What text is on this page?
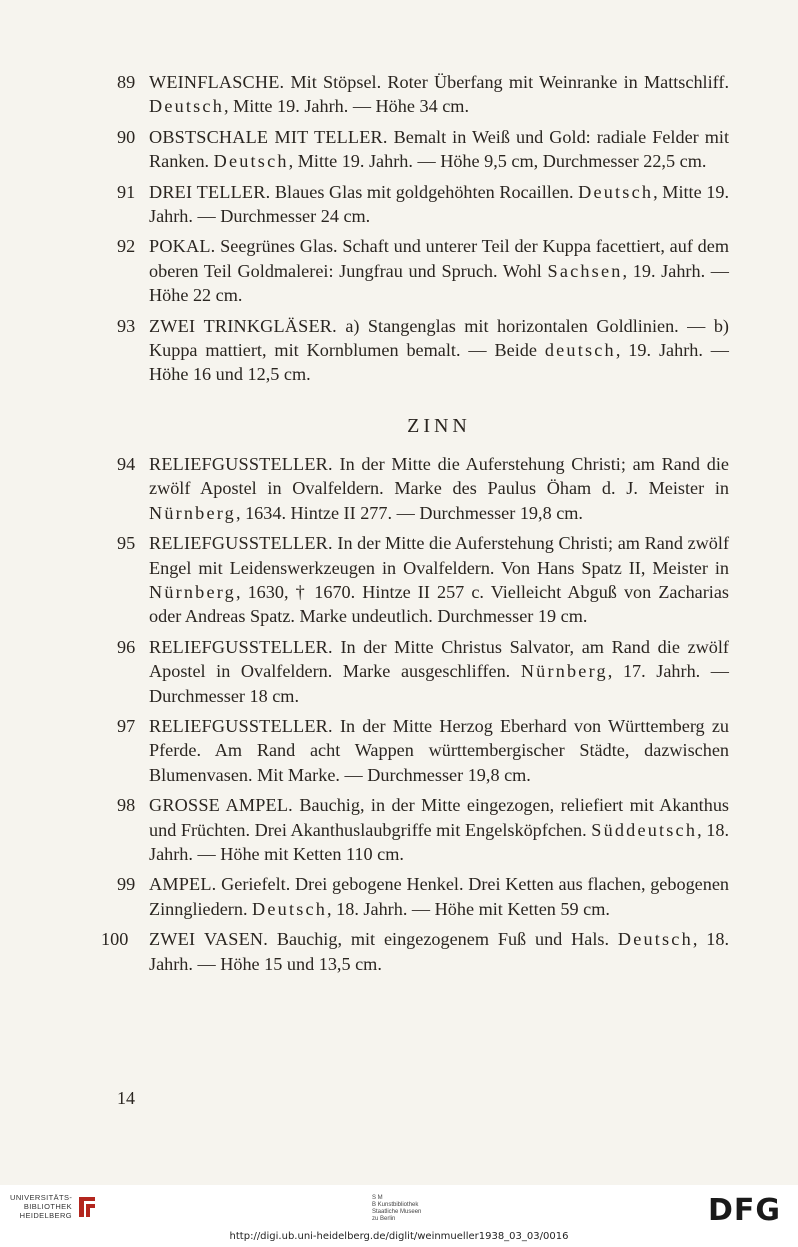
89 WEINFLASCHE. Mit Stöpsel. Roter Überfang mit Weinranke in Mattschliff. Deutsch, Mitte 19. Jahrh. — Höhe 34 cm.
90 OBSTSCHALE MIT TELLER. Bemalt in Weiß und Gold: radiale Felder mit Ranken. Deutsch, Mitte 19. Jahrh. — Höhe 9,5 cm, Durchmesser 22,5 cm.
91 DREI TELLER. Blaues Glas mit goldgehöhten Rocaillen. Deutsch, Mitte 19. Jahrh. — Durchmesser 24 cm.
92 POKAL. Seegrünes Glas. Schaft und unterer Teil der Kuppa facettiert, auf dem oberen Teil Goldmalerei: Jungfrau und Spruch. Wohl Sachsen, 19. Jahrh. — Höhe 22 cm.
93 ZWEI TRINKGLÄSER. a) Stangenglas mit horizontalen Goldlinien. — b) Kuppa mattiert, mit Kornblumen bemalt. — Beide deutsch, 19. Jahrh. — Höhe 16 und 12,5 cm.
ZINN
94 RELIEFGUSSTELLER. In der Mitte die Auferstehung Christi; am Rand die zwölf Apostel in Ovalfeldern. Marke des Paulus Öham d. J. Meister in Nürnberg, 1634. Hintze II 277. — Durchmesser 19,8 cm.
95 RELIEFGUSSTELLER. In der Mitte die Auferstehung Christi; am Rand zwölf Engel mit Leidenswerkzeugen in Ovalfeldern. Von Hans Spatz II, Meister in Nürnberg, 1630, † 1670. Hintze II 257 c. Vielleicht Abguß von Zacharias oder Andreas Spatz. Marke undeutlich. Durchmesser 19 cm.
96 RELIEFGUSSTELLER. In der Mitte Christus Salvator, am Rand die zwölf Apostel in Ovalfeldern. Marke ausgeschliffen. Nürnberg, 17. Jahrh. — Durchmesser 18 cm.
97 RELIEFGUSSTELLER. In der Mitte Herzog Eberhard von Württemberg zu Pferde. Am Rand acht Wappen württembergischer Städte, dazwischen Blumenvasen. Mit Marke. — Durchmesser 19,8 cm.
98 GROSSE AMPEL. Bauchig, in der Mitte eingezogen, reliefiert mit Akanthus und Früchten. Drei Akanthuslaubgriffe mit Engelsköpfchen. Süddeutsch, 18. Jahrh. — Höhe mit Ketten 110 cm.
99 AMPEL. Geriefelt. Drei gebogene Henkel. Drei Ketten aus flachen, gebogenen Zinngliedern. Deutsch, 18. Jahrh. — Höhe mit Ketten 59 cm.
100 ZWEI VASEN. Bauchig, mit eingezogenem Fuß und Hals. Deutsch, 18. Jahrh. — Höhe 15 und 13,5 cm.
14
UNIVERSITÄTS-
BIBLIOTHEK
HEIDELBERG
S M
B Kunstbibliothek
Staatliche Museen
zu Berlin	DFG
http://digi.ub.uni-heidelberg.de/diglit/weinmueller1938_03_03/0016
